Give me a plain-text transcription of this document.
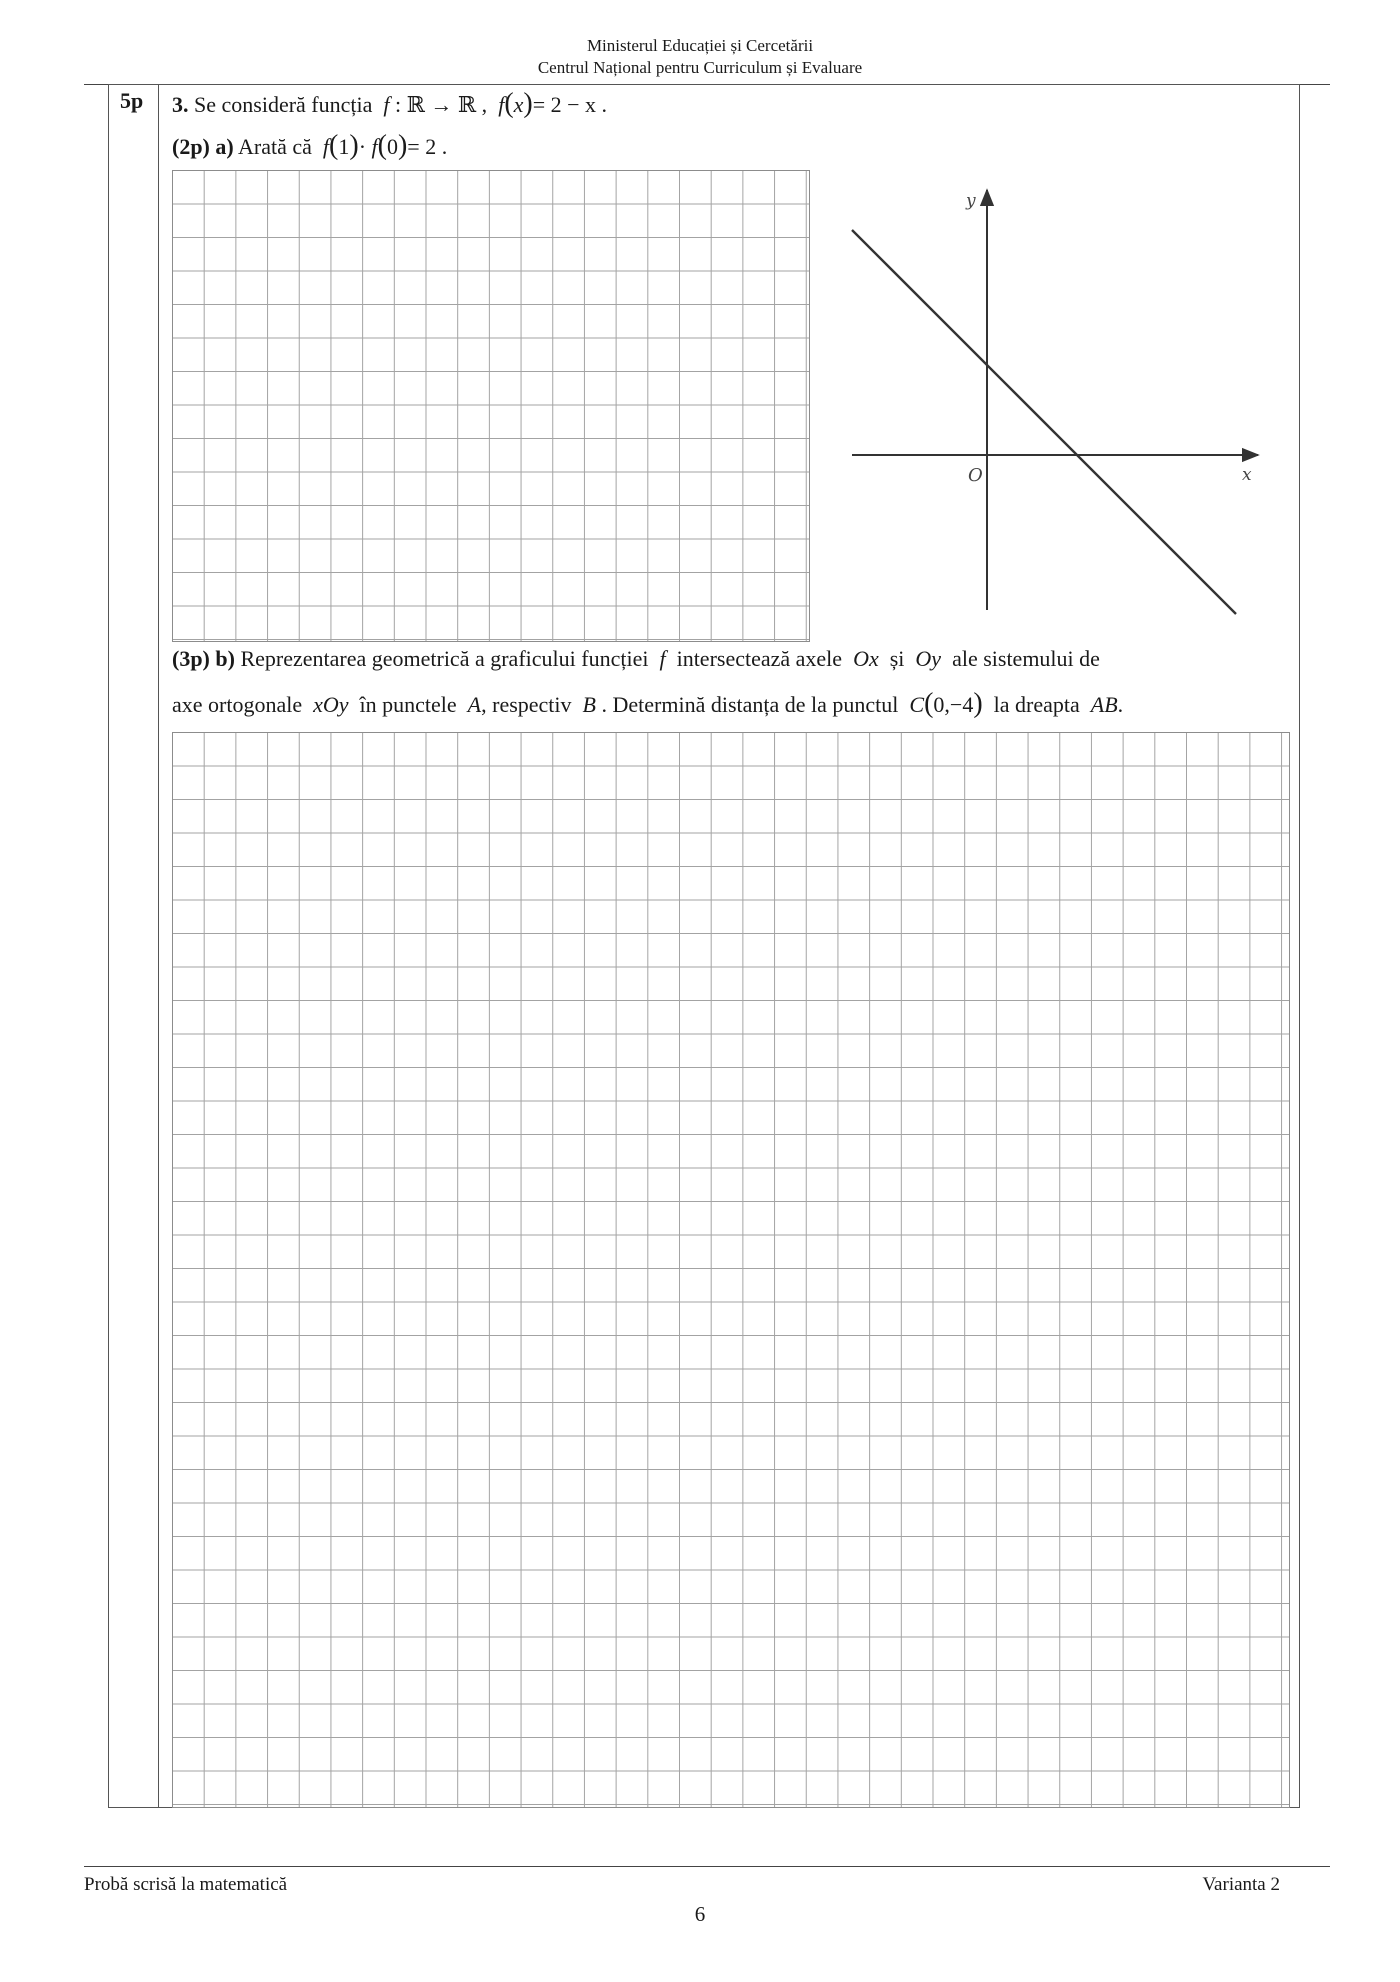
Ministerul Educației și Cercetării
Centrul Național pentru Curriculum și Evaluare
5p 3. Se consideră funcția f : ℝ → ℝ , f(x)= 2 − x .
(2p) a) Arată că f(1)· f(0)= 2 .
y
x
O
(3p) b) Reprezentarea geometrică a graficului funcției f intersectează axele Ox și Oy ale sistemului de
axe ortogonale xOy în punctele A, respectiv B . Determină distanța de la punctul C(0,−4) la dreapta AB.
Probă scrisă la matematică	Varianta 2
6
